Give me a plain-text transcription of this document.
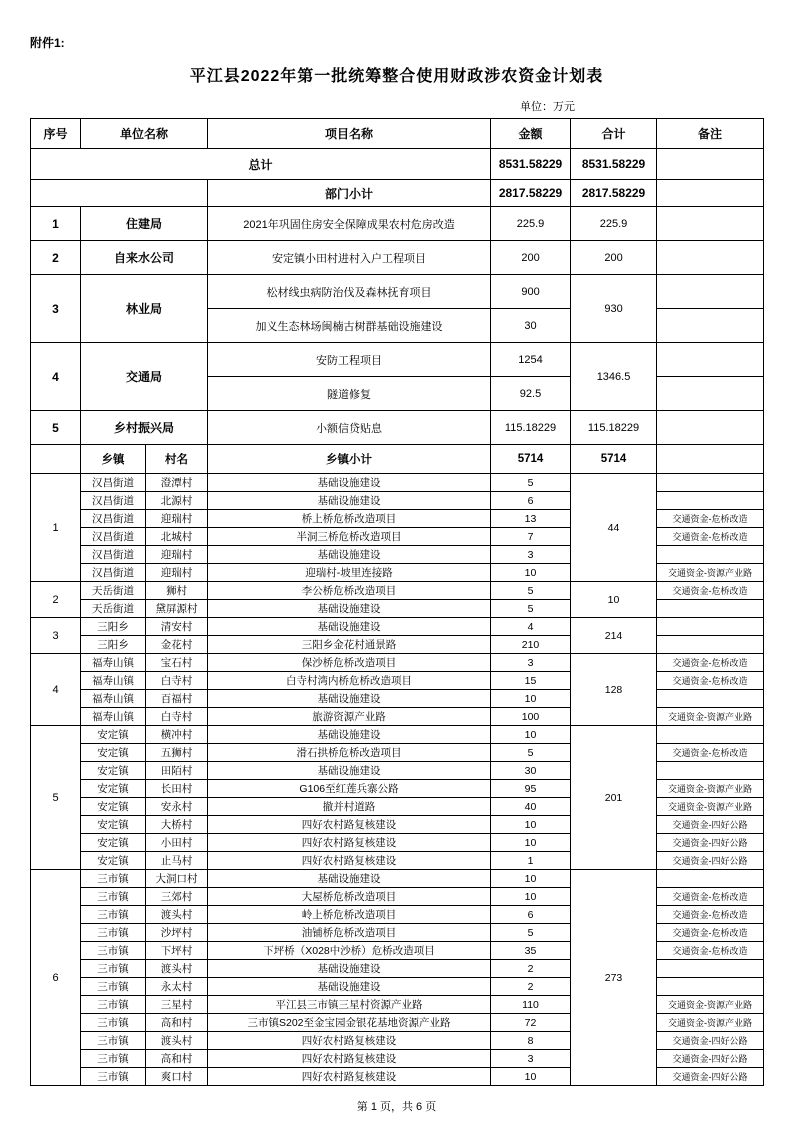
附件1:
平江县2022年第一批统筹整合使用财政涉农资金计划表
单位：万元
序号	单位名称		项目名称	金额	合计	备注
总计				8531.58229	8531.58229	
			部门小计	2817.58229	2817.58229	
1	住建局		2021年巩固住房安全保障成果农村危房改造	225.9	225.9	
2	自来水公司		安定镇小田村进村入户工程项目	200	200	
3	林业局		松材线虫病防治伐及森林抚育项目	900	930	
			加义生态林场闽楠古树群基础设施建设	30		
4	交通局		安防工程项目	1254	1346.5	
			隧道修复	92.5		
5	乡村振兴局		小额信贷贴息	115.18229	115.18229	
	乡镇	村名	乡镇小计	5714	5714	
1	汉昌街道	澄潭村	基础设施建设	5	44	
	汉昌街道	北源村	基础设施建设	6		
	汉昌街道	迎瑞村	桥上桥危桥改造项目	13		交通资金-危桥改造
	汉昌街道	北城村	半洞三桥危桥改造项目	7		交通资金-危桥改造
	汉昌街道	迎瑞村	基础设施建设	3		
	汉昌街道	迎瑞村	迎瑞村-坡里连接路	10		交通资金-资源产业路
2	天岳街道	狮村	李公桥危桥改造项目	5	10	交通资金-危桥改造
	天岳街道	黛屏源村	基础设施建设	5		
3	三阳乡	清安村	基础设施建设	4	214	
	三阳乡	金花村	三阳乡金花村通景路	210		
4	福寿山镇	宝石村	保沙桥危桥改造项目	3	128	交通资金-危桥改造
	福寿山镇	白寺村	白寺村湾内桥危桥改造项目	15		交通资金-危桥改造
	福寿山镇	百福村	基础设施建设	10		
	福寿山镇	白寺村	旅游资源产业路	100		交通资金-资源产业路
5	安定镇	横冲村	基础设施建设	10	201	
	安定镇	五狮村	滑石拱桥危桥改造项目	5		交通资金-危桥改造
	安定镇	田陌村	基础设施建设	30		
	安定镇	长田村	G106至红莲兵寨公路	95		交通资金-资源产业路
	安定镇	安永村	撤并村道路	40		交通资金-资源产业路
	安定镇	大桥村	四好农村路复核建设	10		交通资金-四好公路
	安定镇	小田村	四好农村路复核建设	10		交通资金-四好公路
	安定镇	止马村	四好农村路复核建设	1		交通资金-四好公路
6	三市镇	大洞口村	基础设施建设	10	273	
	三市镇	三郊村	大屋桥危桥改造项目	10		交通资金-危桥改造
	三市镇	渡头村	岭上桥危桥改造项目	6		交通资金-危桥改造
	三市镇	沙坪村	油铺桥危桥改造项目	5		交通资金-危桥改造
	三市镇	下坪村	下坪桥（X028中沙桥）危桥改造项目	35		交通资金-危桥改造
	三市镇	渡头村	基础设施建设	2		
	三市镇	永太村	基础设施建设	2		
	三市镇	三星村	平江县三市镇三星村资源产业路	110		交通资金-资源产业路
	三市镇	高和村	三市镇S202至金宝园金银花基地资源产业路	72		交通资金-资源产业路
	三市镇	渡头村	四好农村路复核建设	8		交通资金-四好公路
	三市镇	高和村	四好农村路复核建设	3		交通资金-四好公路
	三市镇	爽口村	四好农村路复核建设	10		交通资金-四好公路
第 1 页，共 6 页
